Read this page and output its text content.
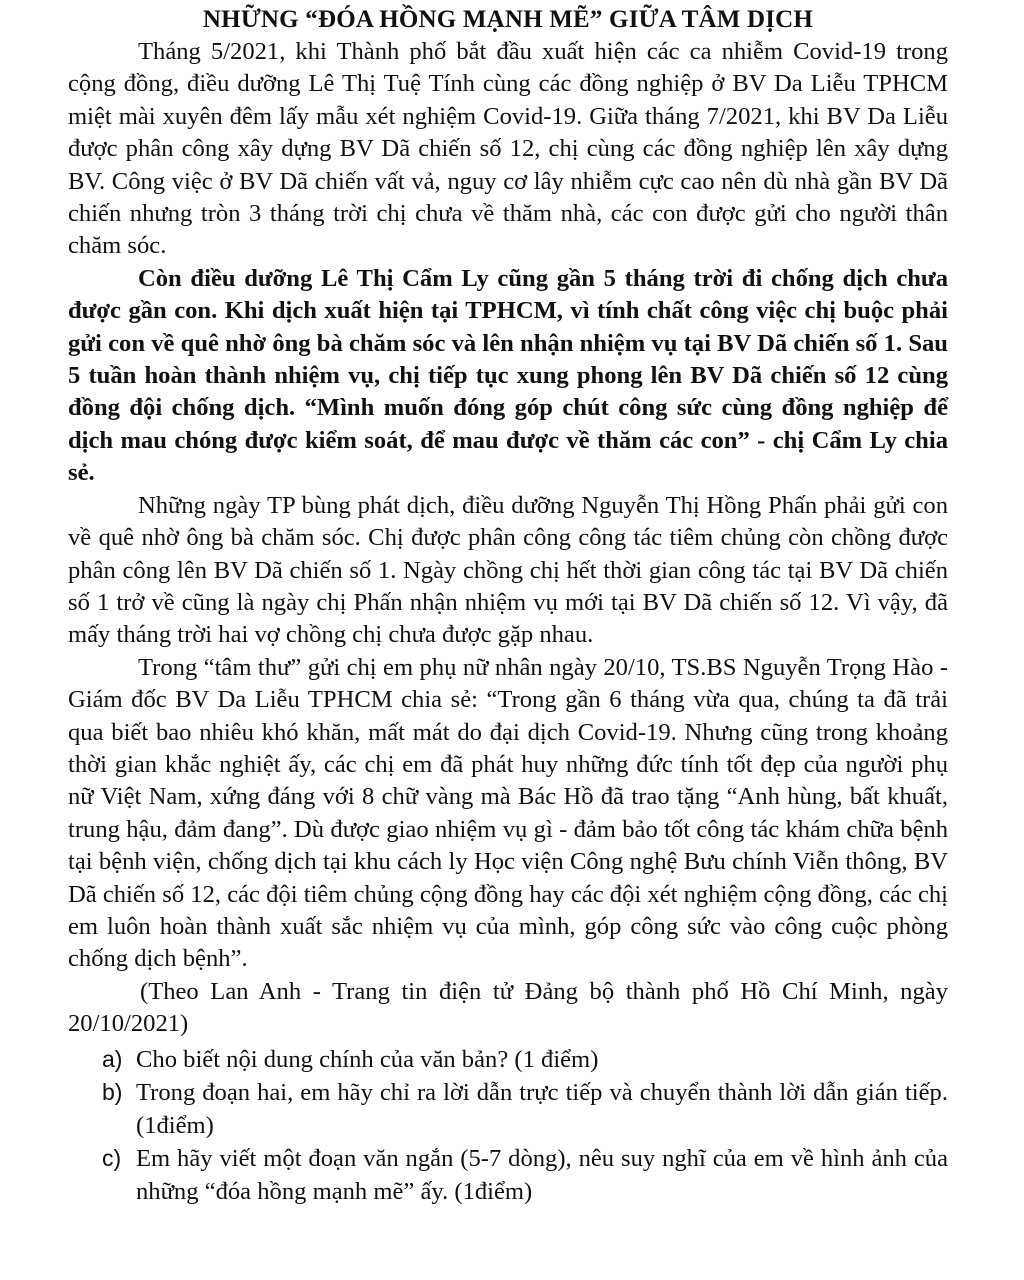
NHỮNG “ĐÓA HỒNG MẠNH MẼ” GIỮA TÂM DỊCH

Tháng 5/2021, khi Thành phố bắt đầu xuất hiện các ca nhiễm Covid-19 trong cộng đồng, điều dưỡng Lê Thị Tuệ Tính cùng các đồng nghiệp ở BV Da Liễu TPHCM miệt mài xuyên đêm lấy mẫu xét nghiệm Covid-19. Giữa tháng 7/2021, khi BV Da Liễu được phân công xây dựng BV Dã chiến số 12, chị cùng các đồng nghiệp lên xây dựng BV. Công việc ở BV Dã chiến vất vả, nguy cơ lây nhiễm cực cao nên dù nhà gần BV Dã chiến nhưng tròn 3 tháng trời chị chưa về thăm nhà, các con được gửi cho người thân chăm sóc.

Còn điều dưỡng Lê Thị Cẩm Ly cũng gần 5 tháng trời đi chống dịch chưa được gần con. Khi dịch xuất hiện tại TPHCM, vì tính chất công việc chị buộc phải gửi con về quê nhờ ông bà chăm sóc và lên nhận nhiệm vụ tại BV Dã chiến số 1. Sau 5 tuần hoàn thành nhiệm vụ, chị tiếp tục xung phong lên BV Dã chiến số 12 cùng đồng đội chống dịch. “Mình muốn đóng góp chút công sức cùng đồng nghiệp để dịch mau chóng được kiểm soát, để mau được về thăm các con” - chị Cẩm Ly chia sẻ.

Những ngày TP bùng phát dịch, điều dưỡng Nguyễn Thị Hồng Phấn phải gửi con về quê nhờ ông bà chăm sóc. Chị được phân công công tác tiêm chủng còn chồng được phân công lên BV Dã chiến số 1. Ngày chồng chị hết thời gian công tác tại BV Dã chiến số 1 trở về cũng là ngày chị Phấn nhận nhiệm vụ mới tại BV Dã chiến số 12. Vì vậy, đã mấy tháng trời hai vợ chồng chị chưa được gặp nhau.

Trong “tâm thư” gửi chị em phụ nữ nhân ngày 20/10, TS.BS Nguyễn Trọng Hào - Giám đốc BV Da Liễu TPHCM chia sẻ: “Trong gần 6 tháng vừa qua, chúng ta đã trải qua biết bao nhiêu khó khăn, mất mát do đại dịch Covid-19. Nhưng cũng trong khoảng thời gian khắc nghiệt ấy, các chị em đã phát huy những đức tính tốt đẹp của người phụ nữ Việt Nam, xứng đáng với 8 chữ vàng mà Bác Hồ đã trao tặng “Anh hùng, bất khuất, trung hậu, đảm đang”. Dù được giao nhiệm vụ gì - đảm bảo tốt công tác khám chữa bệnh tại bệnh viện, chống dịch tại khu cách ly Học viện Công nghệ Bưu chính Viễn thông, BV Dã chiến số 12, các đội tiêm chủng cộng đồng hay các đội xét nghiệm cộng đồng, các chị em luôn hoàn thành xuất sắc nhiệm vụ của mình, góp công sức vào công cuộc phòng chống dịch bệnh”.

(Theo Lan Anh - Trang tin điện tử Đảng bộ thành phố Hồ Chí Minh, ngày 20/10/2021)

a) Cho biết nội dung chính của văn bản? (1 điểm)
b) Trong đoạn hai, em hãy chỉ ra lời dẫn trực tiếp và chuyển thành lời dẫn gián tiếp. (1điểm)
c) Em hãy viết một đoạn văn ngắn (5-7 dòng), nêu suy nghĩ của em về hình ảnh của những “đóa hồng mạnh mẽ” ấy. (1điểm)
